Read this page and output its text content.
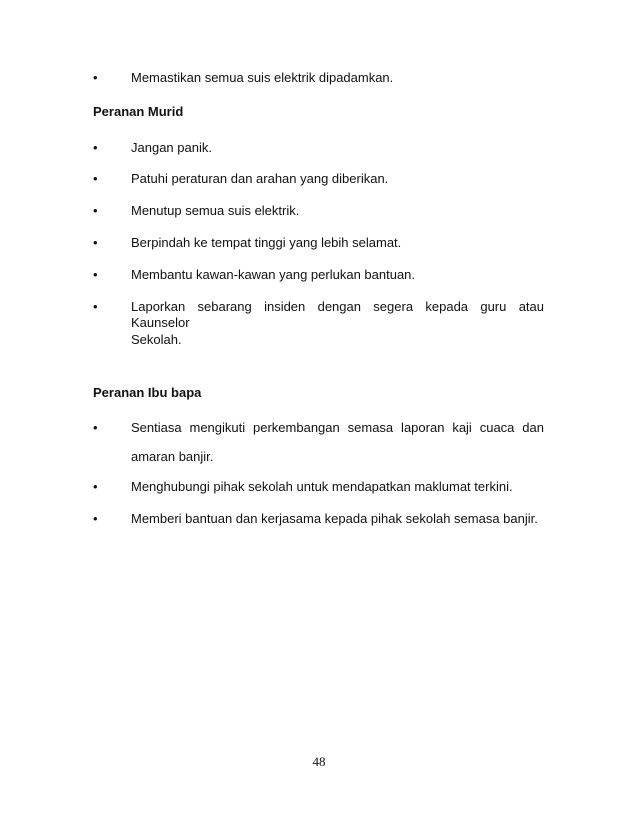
•	Memastikan semua suis elektrik dipadamkan.
Peranan Murid
•	Jangan panik.
•	Patuhi peraturan dan arahan yang diberikan.
•	Menutup semua suis elektrik.
•	Berpindah ke tempat tinggi yang lebih selamat.
•	Membantu kawan-kawan yang perlukan bantuan.
•	Laporkan sebarang insiden dengan segera kepada guru atau Kaunselor
Sekolah.
Peranan Ibu bapa
•	Sentiasa mengikuti perkembangan semasa laporan kaji cuaca dan
amaran banjir.
•	Menghubungi pihak sekolah untuk mendapatkan maklumat terkini.
•	Memberi bantuan dan kerjasama kepada pihak sekolah semasa banjir.
48
